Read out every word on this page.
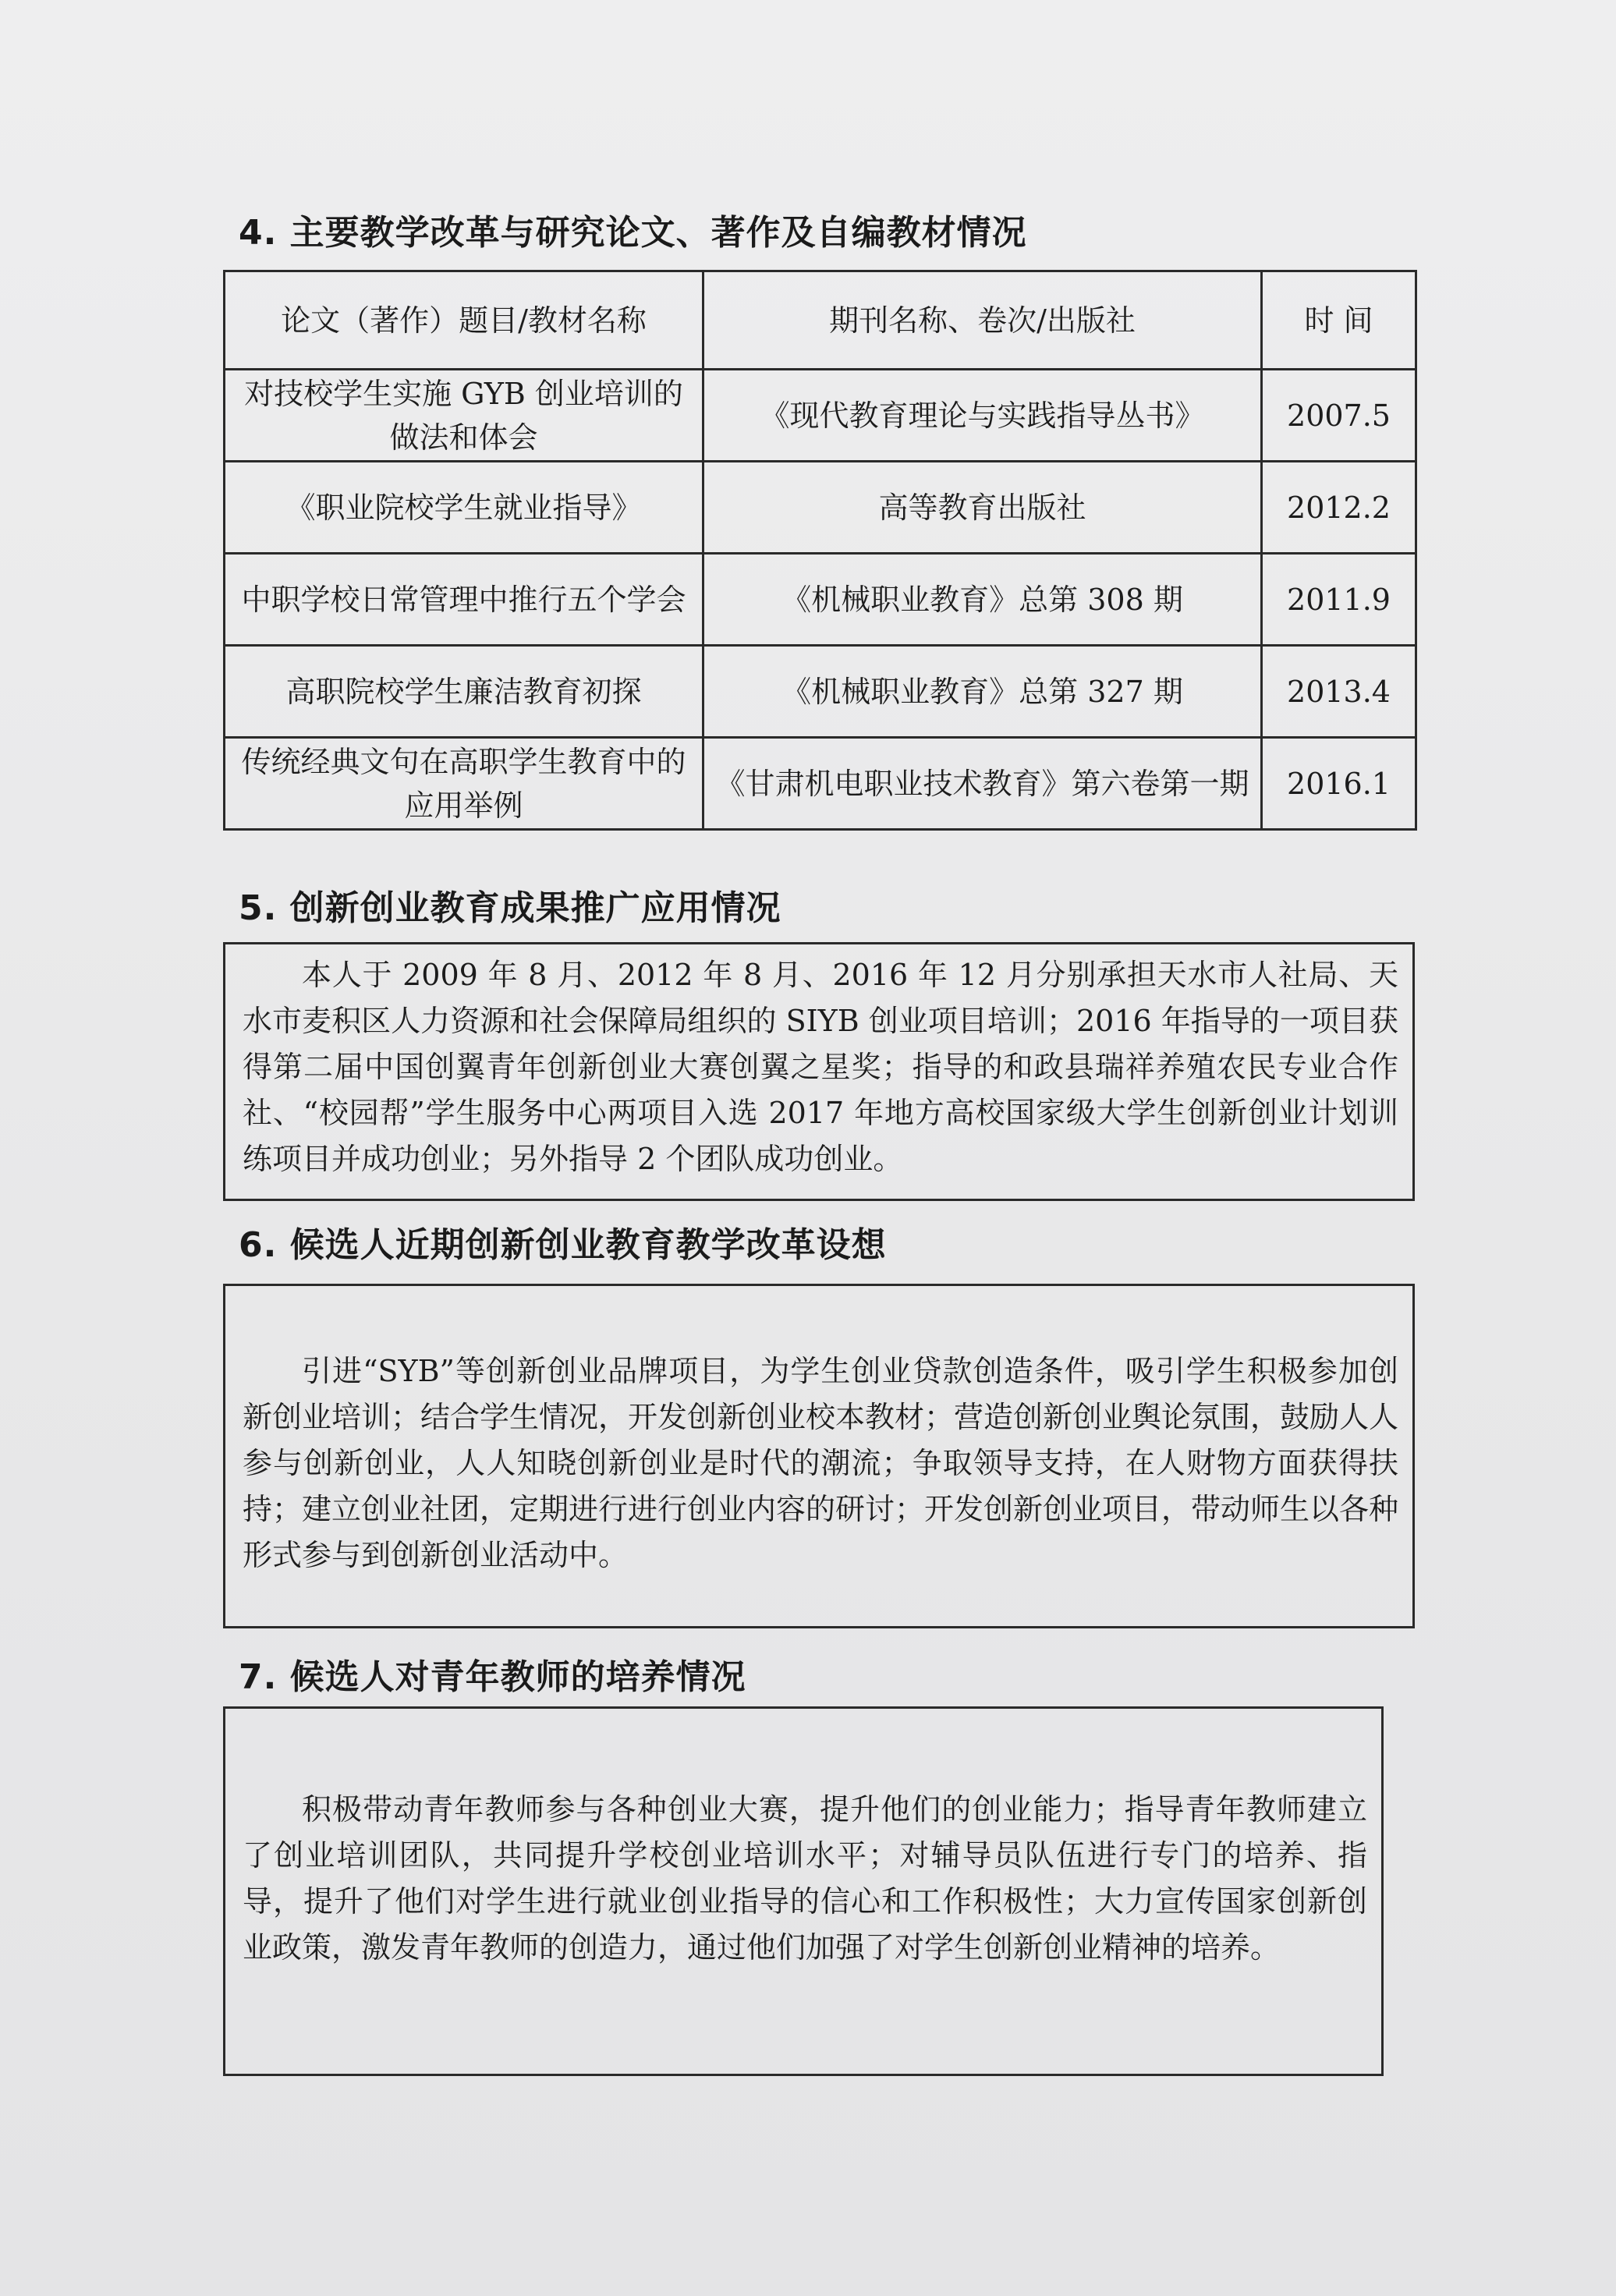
4. 主要教学改革与研究论文、著作及自编教材情况
论文（著作）题目/教材名称	期刊名称、卷次/出版社	时 间
对技校学生实施 GYB 创业培训的做法和体会	《现代教育理论与实践指导丛书》	2007.5
《职业院校学生就业指导》	高等教育出版社	2012.2
中职学校日常管理中推行五个学会	《机械职业教育》总第 308 期	2011.9
高职院校学生廉洁教育初探	《机械职业教育》总第 327 期	2013.4
传统经典文句在高职学生教育中的应用举例	《甘肃机电职业技术教育》第六卷第一期	2016.1
5. 创新创业教育成果推广应用情况

本人于 2009 年 8 月、2012 年 8 月、2016 年 12 月分别承担天水市人社局、天水市麦积区人力资源和社会保障局组织的 SIYB 创业项目培训；2016 年指导的一项目获得第二届中国创翼青年创新创业大赛创翼之星奖；指导的和政县瑞祥养殖农民专业合作社、“校园帮”学生服务中心两项目入选 2017 年地方高校国家级大学生创新创业计划训练项目并成功创业；另外指导 2 个团队成功创业。

6. 候选人近期创新创业教育教学改革设想

引进“SYB”等创新创业品牌项目，为学生创业贷款创造条件，吸引学生积极参加创新创业培训；结合学生情况，开发创新创业校本教材；营造创新创业舆论氛围，鼓励人人参与创新创业，人人知晓创新创业是时代的潮流；争取领导支持，在人财物方面获得扶持；建立创业社团，定期进行进行创业内容的研讨；开发创新创业项目，带动师生以各种形式参与到创新创业活动中。

7. 候选人对青年教师的培养情况

积极带动青年教师参与各种创业大赛，提升他们的创业能力；指导青年教师建立了创业培训团队，共同提升学校创业培训水平；对辅导员队伍进行专门的培养、指导，提升了他们对学生进行就业创业指导的信心和工作积极性；大力宣传国家创新创业政策，激发青年教师的创造力，通过他们加强了对学生创新创业精神的培养。
